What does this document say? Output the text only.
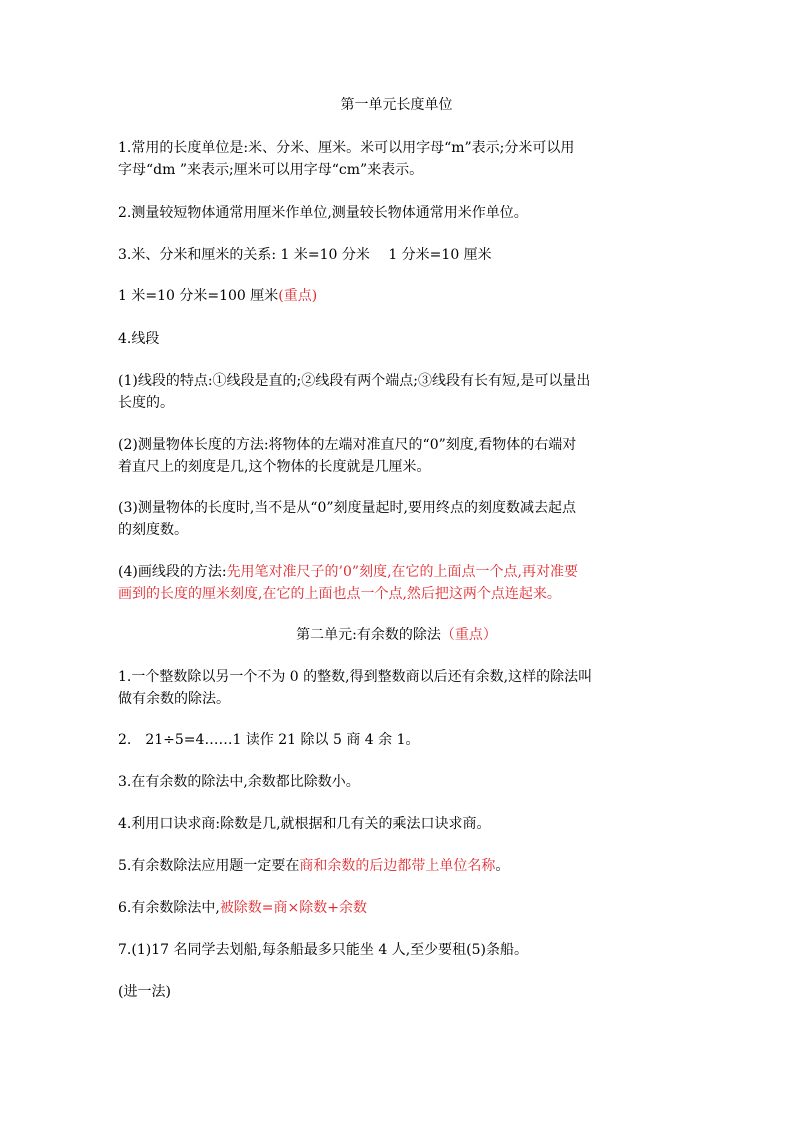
第一单元长度单位
1.常用的长度单位是:米、分米、厘米。米可以用字母“m”表示;分米可以用
字母“dm ”来表示;厘米可以用字母“cm”来表示。
2.测量较短物体通常用厘米作单位,测量较长物体通常用米作单位。
3.米、分米和厘米的关系: 1 米=10 分米　 1 分米=10 厘米
1 米=10 分米=100 厘米(重点)
4.线段
(1)线段的特点:①线段是直的;②线段有两个端点;③线段有长有短,是可以量出
长度的。
(2)测量物体长度的方法:将物体的左端对准直尺的“0”刻度,看物体的右端对
着直尺上的刻度是几,这个物体的长度就是几厘米。
(3)测量物体的长度时,当不是从“0”刻度量起时,要用终点的刻度数减去起点
的刻度数。
(4)画线段的方法:先用笔对准尺子的’0”刻度,在它的上面点一个点,再对准要
画到的长度的厘米刻度,在它的上面也点一个点,然后把这两个点连起来。
第二单元:有余数的除法（重点）
1.一个整数除以另一个不为 0 的整数,得到整数商以后还有余数,这样的除法叫
做有余数的除法。
2.　21÷5=4……1 读作 21 除以 5 商 4 余 1。
3.在有余数的除法中,余数都比除数小。
4.利用口诀求商:除数是几,就根据和几有关的乘法口诀求商。
5.有余数除法应用题一定要在商和余数的后边都带上单位名称。
6.有余数除法中,被除数=商×除数+余数
7.(1)17 名同学去划船,每条船最多只能坐 4 人,至少要租(5)条船。
(进一法)
